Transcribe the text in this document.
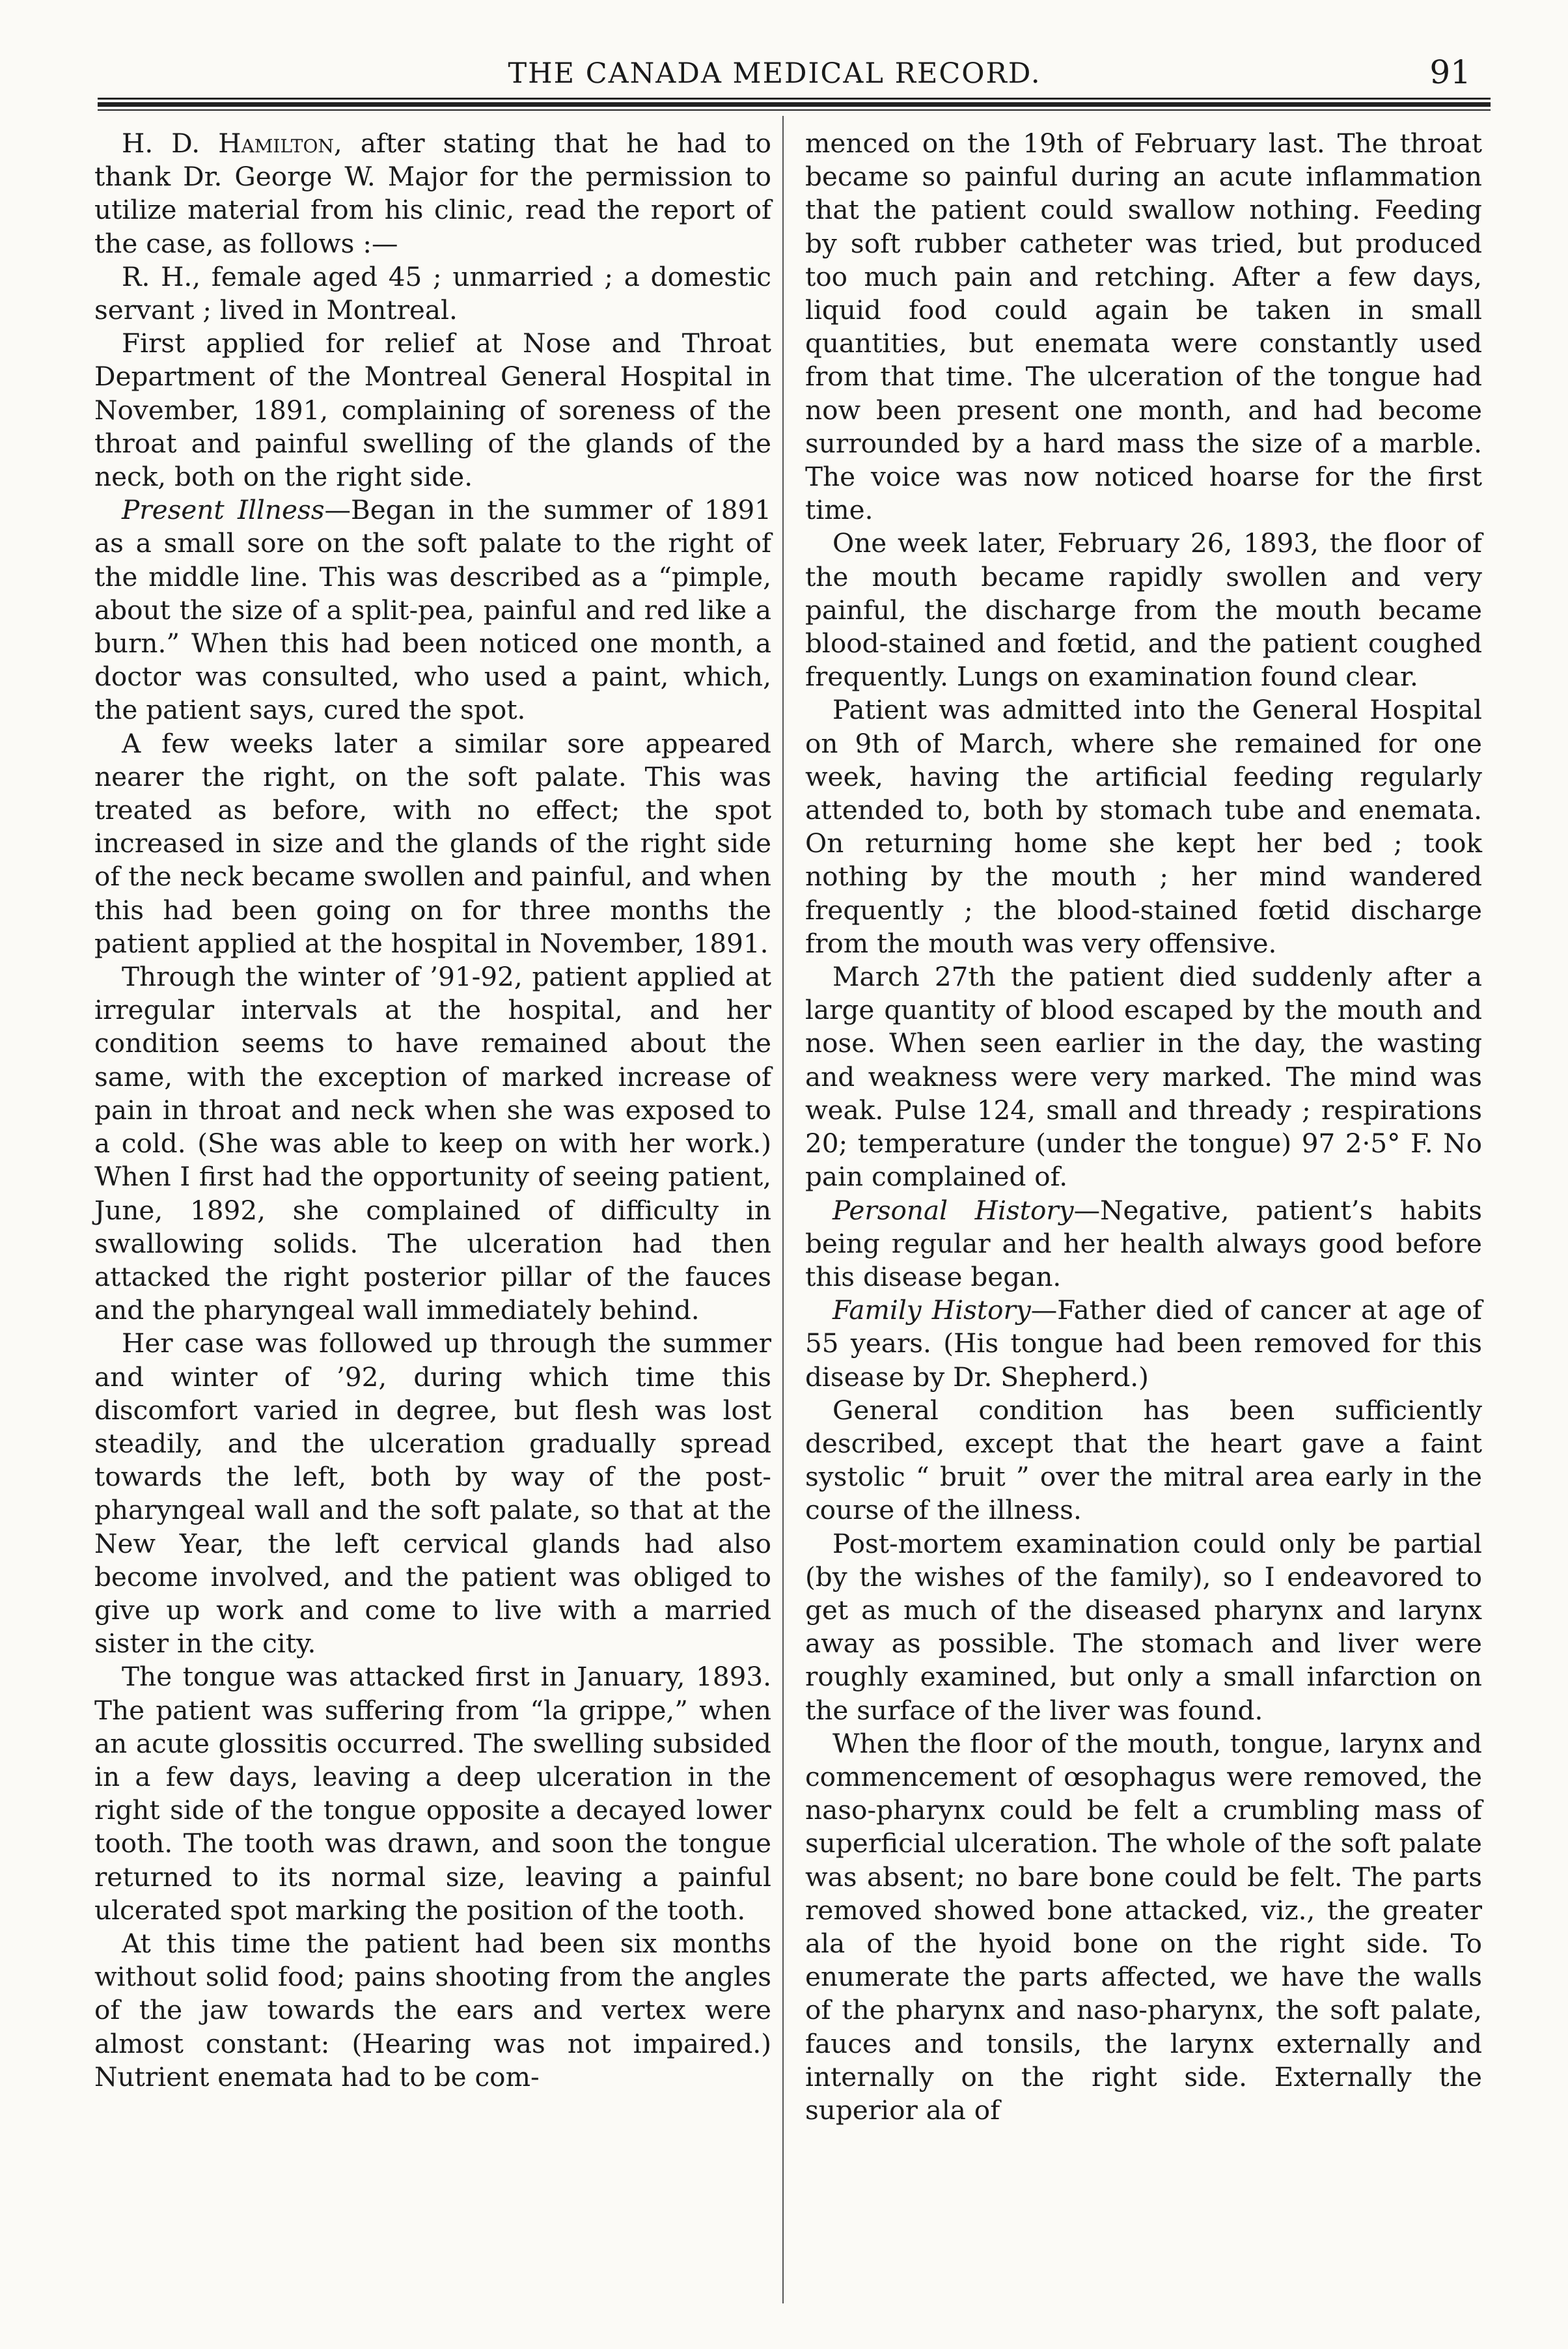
THE CANADA MEDICAL RECORD.	91

H. D. Hamilton, after stating that he had to thank Dr. George W. Major for the permission to utilize material from his clinic, read the report of the case, as follows :—

R. H., female aged 45 ; unmarried ; a domestic servant ; lived in Montreal.

First applied for relief at Nose and Throat Department of the Montreal General Hospital in November, 1891, complaining of soreness of the throat and painful swelling of the glands of the neck, both on the right side.

Present Illness—Began in the summer of 1891 as a small sore on the soft palate to the right of the middle line. This was described as a “pimple, about the size of a split-pea, painful and red like a burn.” When this had been noticed one month, a doctor was consulted, who used a paint, which, the patient says, cured the spot.

A few weeks later a similar sore appeared nearer the right, on the soft palate. This was treated as before, with no effect; the spot increased in size and the glands of the right side of the neck became swollen and painful, and when this had been going on for three months the patient applied at the hospital in November, 1891.

Through the winter of ’91-92, patient applied at irregular intervals at the hospital, and her condition seems to have remained about the same, with the exception of marked increase of pain in throat and neck when she was exposed to a cold. (She was able to keep on with her work.) When I first had the opportunity of seeing patient, June, 1892, she complained of difficulty in swallowing solids. The ulceration had then attacked the right posterior pillar of the fauces and the pharyngeal wall immediately behind.

Her case was followed up through the summer and winter of ’92, during which time this discomfort varied in degree, but flesh was lost steadily, and the ulceration gradually spread towards the left, both by way of the post-pharyngeal wall and the soft palate, so that at the New Year, the left cervical glands had also become involved, and the patient was obliged to give up work and come to live with a married sister in the city.

The tongue was attacked first in January, 1893. The patient was suffering from “la grippe,” when an acute glossitis occurred. The swelling subsided in a few days, leaving a deep ulceration in the right side of the tongue opposite a decayed lower tooth. The tooth was drawn, and soon the tongue returned to its normal size, leaving a painful ulcerated spot marking the position of the tooth.

At this time the patient had been six months without solid food; pains shooting from the angles of the jaw towards the ears and vertex were almost constant: (Hearing was not impaired.) Nutrient enemata had to be com-

menced on the 19th of February last. The throat became so painful during an acute inflammation that the patient could swallow nothing. Feeding by soft rubber catheter was tried, but produced too much pain and retching. After a few days, liquid food could again be taken in small quantities, but enemata were constantly used from that time. The ulceration of the tongue had now been present one month, and had become surrounded by a hard mass the size of a marble. The voice was now noticed hoarse for the first time.

One week later, February 26, 1893, the floor of the mouth became rapidly swollen and very painful, the discharge from the mouth became blood-stained and fœtid, and the patient coughed frequently. Lungs on examination found clear.

Patient was admitted into the General Hospital on 9th of March, where she remained for one week, having the artificial feeding regularly attended to, both by stomach tube and enemata. On returning home she kept her bed ; took nothing by the mouth ; her mind wandered frequently ; the blood-stained fœtid discharge from the mouth was very offensive.

March 27th the patient died suddenly after a large quantity of blood escaped by the mouth and nose. When seen earlier in the day, the wasting and weakness were very marked. The mind was weak. Pulse 124, small and thready ; respirations 20; temperature (under the tongue) 97 2·5° F. No pain complained of.

Personal History—Negative, patient’s habits being regular and her health always good before this disease began.

Family History—Father died of cancer at age of 55 years. (His tongue had been removed for this disease by Dr. Shepherd.)

General condition has been sufficiently described, except that the heart gave a faint systolic “ bruit ” over the mitral area early in the course of the illness.

Post-mortem examination could only be partial (by the wishes of the family), so I endeavored to get as much of the diseased pharynx and larynx away as possible. The stomach and liver were roughly examined, but only a small infarction on the surface of the liver was found.

When the floor of the mouth, tongue, larynx and commencement of œsophagus were removed, the naso-pharynx could be felt a crumbling mass of superficial ulceration. The whole of the soft palate was absent; no bare bone could be felt. The parts removed showed bone attacked, viz., the greater ala of the hyoid bone on the right side. To enumerate the parts affected, we have the walls of the pharynx and naso-pharynx, the soft palate, fauces and tonsils, the larynx externally and internally on the right side. Externally the superior ala of
